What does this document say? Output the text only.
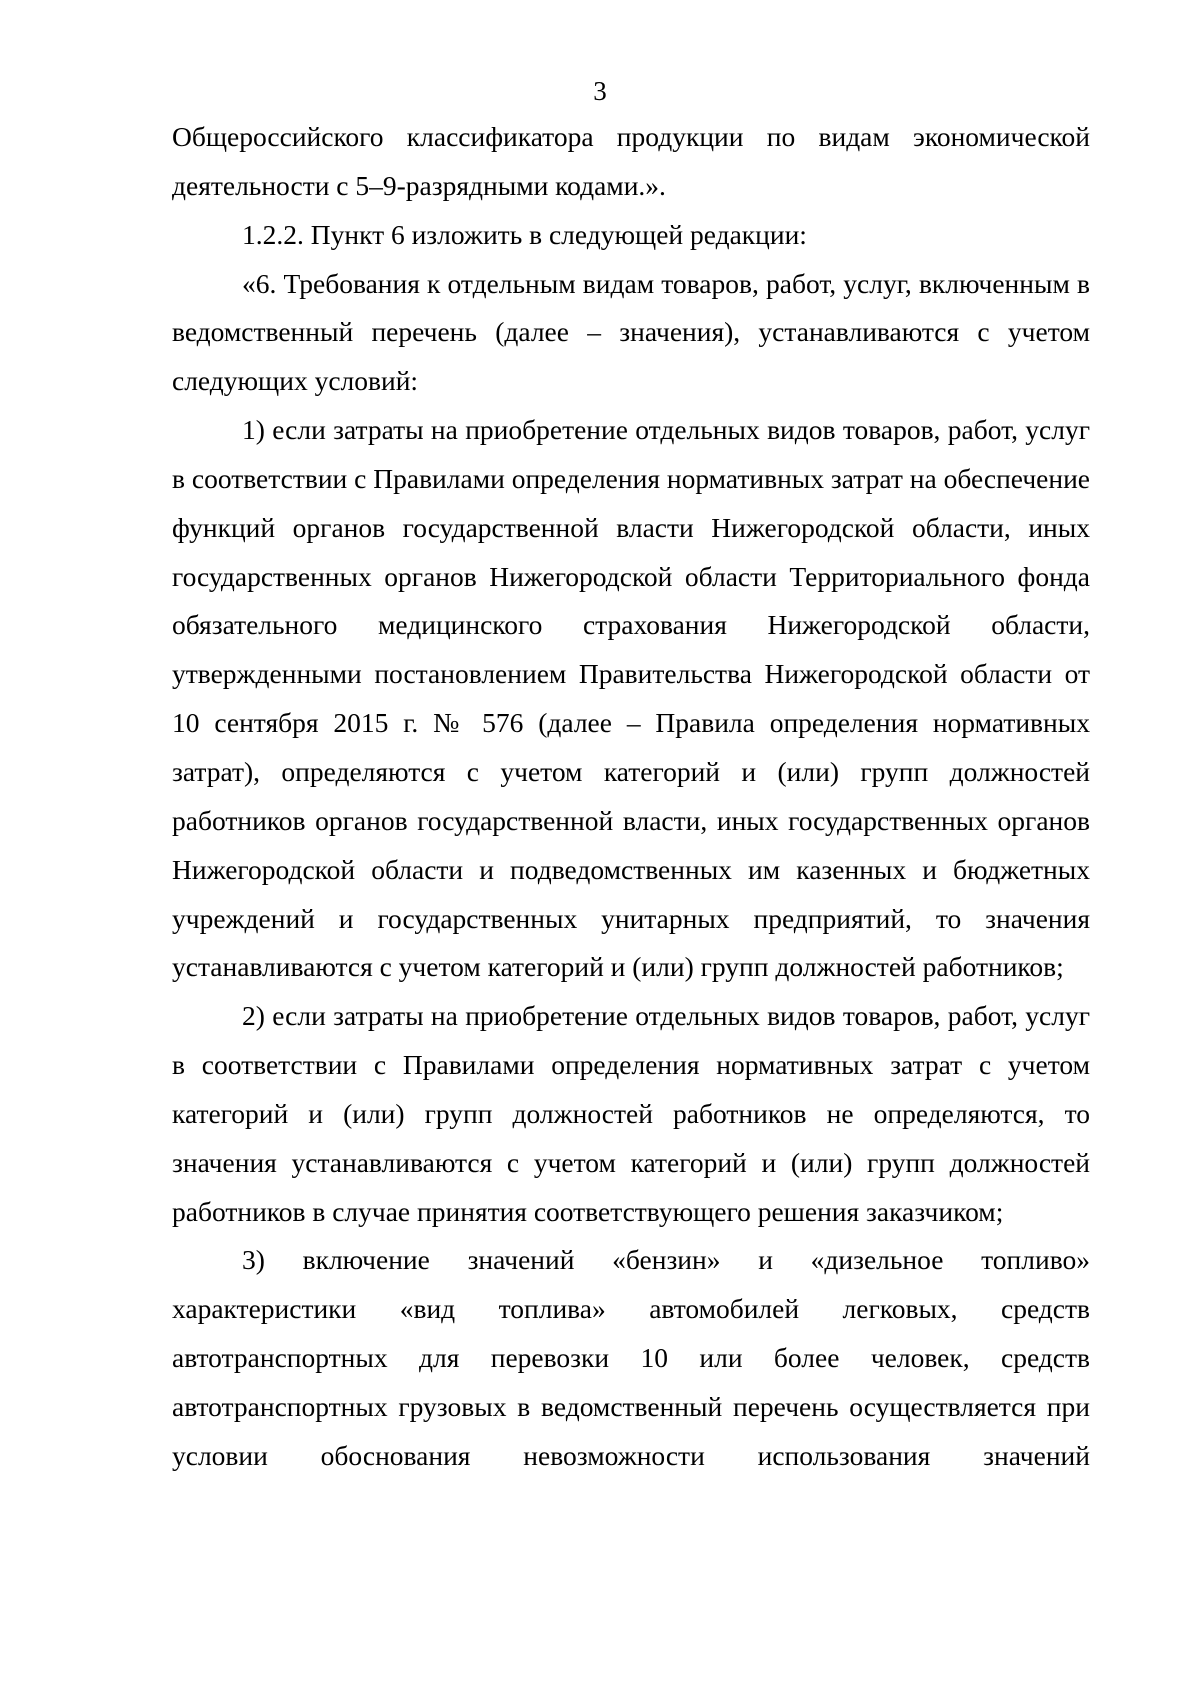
3

Общероссийского классификатора продукции по видам экономической деятельности с 5–9-разрядными кодами.».

1.2.2. Пункт 6 изложить в следующей редакции:

«6. Требования к отдельным видам товаров, работ, услуг, включенным в ведомственный перечень (далее – значения), устанавливаются с учетом следующих условий:

1) если затраты на приобретение отдельных видов товаров, работ, услуг в соответствии с Правилами определения нормативных затрат на обеспечение функций органов государственной власти Нижегородской области, иных государственных органов Нижегородской области Территориального фонда обязательного медицинского страхования Нижегородской области, утвержденными постановлением Правительства Нижегородской области от 10 сентября 2015 г. № 576 (далее – Правила определения нормативных затрат), определяются с учетом категорий и (или) групп должностей работников органов государственной власти, иных государственных органов Нижегородской области и подведомственных им казенных и бюджетных учреждений и государственных унитарных предприятий, то значения устанавливаются с учетом категорий и (или) групп должностей работников;

2) если затраты на приобретение отдельных видов товаров, работ, услуг в соответствии с Правилами определения нормативных затрат с учетом категорий и (или) групп должностей работников не определяются, то значения устанавливаются с учетом категорий и (или) групп должностей работников в случае принятия соответствующего решения заказчиком;

3) включение значений «бензин» и «дизельное топливо» характеристики «вид топлива» автомобилей легковых, средств автотранспортных для перевозки 10 или более человек, средств автотранспортных грузовых в ведомственный перечень осуществляется при условии обоснования невозможности использования значений
